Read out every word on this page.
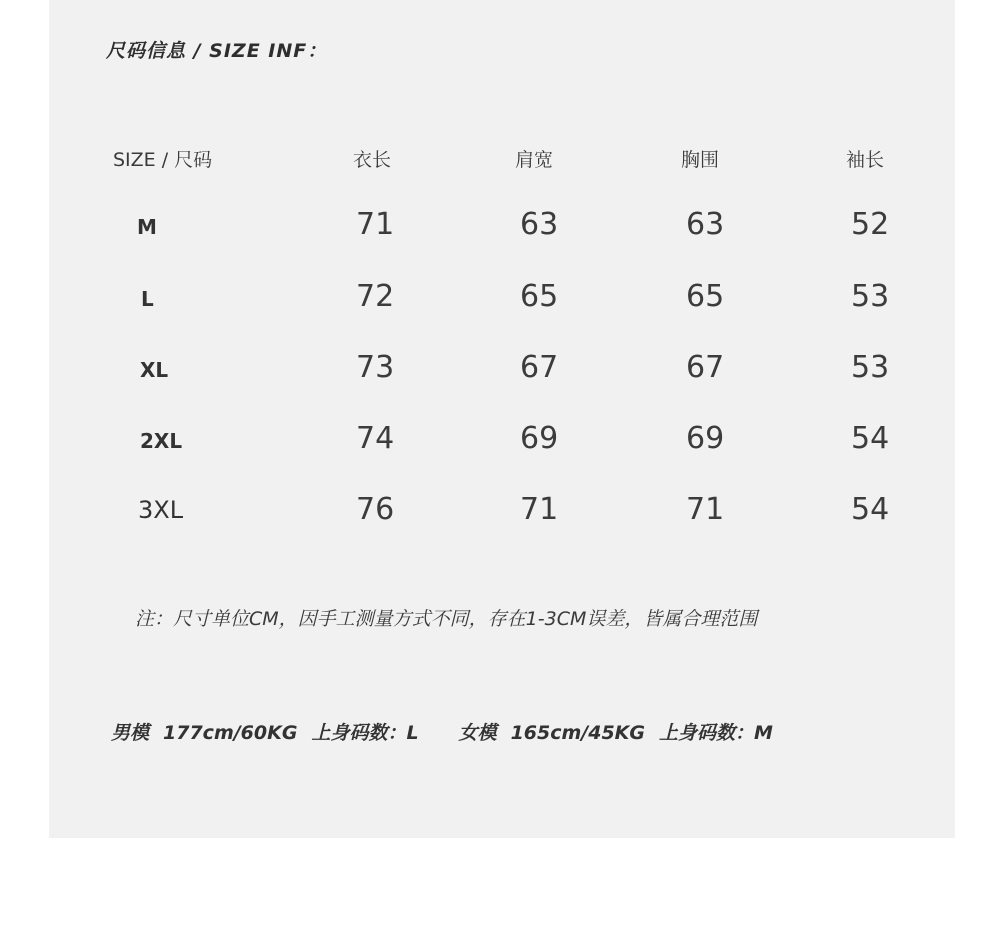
尺码信息 / SIZE INF：
SIZE / 尺码	衣长	肩宽	胸围	袖长
M	71	63	63	52
L	72	65	65	53
XL	73	67	67	53
2XL	74	69	69	54
3XL	76	71	71	54
注：尺寸单位CM，因手工测量方式不同，存在1-3CM误差，皆属合理范围
男模 177cm/60KG 上身码数：L 女模 165cm/45KG 上身码数：M
